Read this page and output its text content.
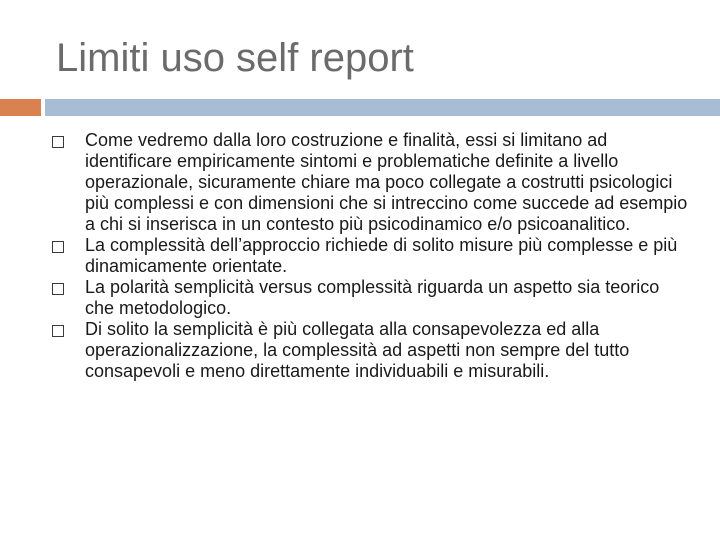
Limiti uso self report
Come vedremo dalla loro costruzione e finalità, essi si limitano ad identificare empiricamente sintomi e problematiche definite a livello operazionale, sicuramente chiare ma poco collegate a costrutti psicologici più complessi e con dimensioni che si intreccino come succede ad esempio a chi si inserisca in un contesto più psicodinamico e/o psicoanalitico.
La complessità dell’approccio richiede di solito misure più complesse e più dinamicamente orientate.
La polarità semplicità versus complessità riguarda un aspetto sia teorico che metodologico.
Di solito la semplicità è più collegata alla consapevolezza ed alla operazionalizzazione, la complessità ad aspetti non sempre del tutto consapevoli e meno direttamente individuabili e misurabili.
